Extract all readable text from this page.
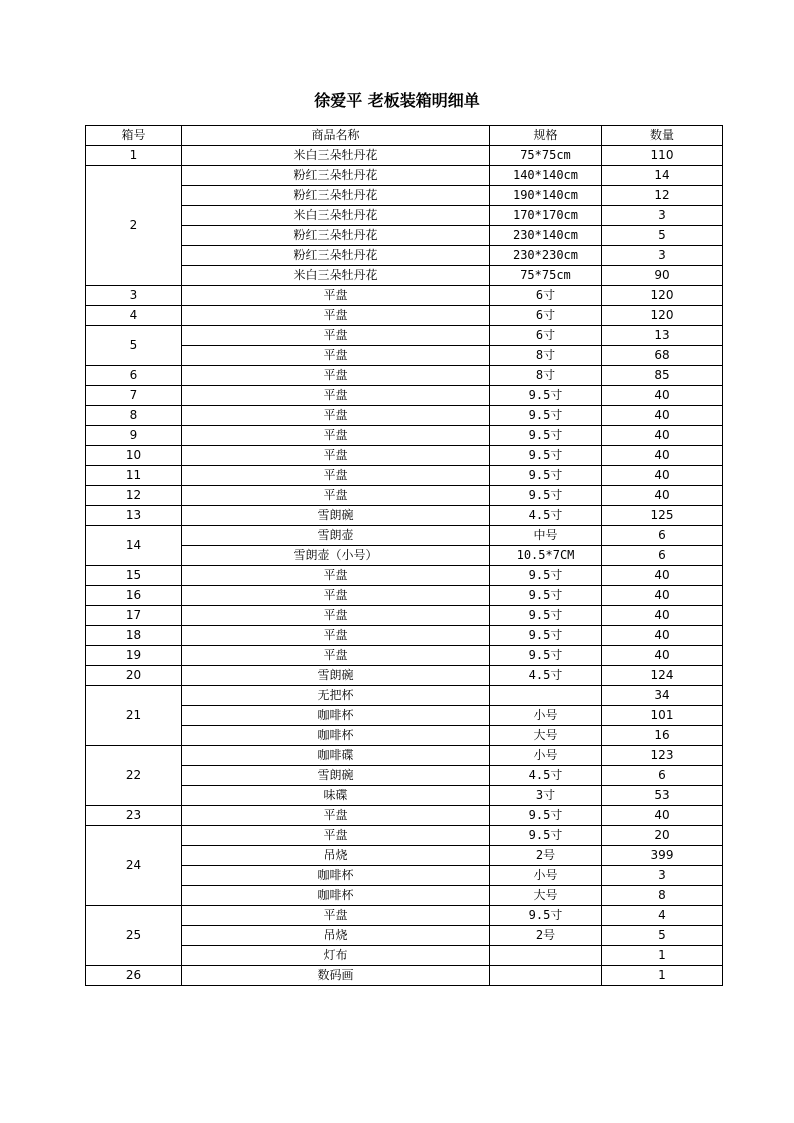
徐爱平 老板装箱明细单
箱号	商品名称	规格	数量
1	米白三朵牡丹花	75*75cm	110
2	粉红三朵牡丹花	140*140cm	14
	粉红三朵牡丹花	190*140cm	12
	米白三朵牡丹花	170*170cm	3
	粉红三朵牡丹花	230*140cm	5
	粉红三朵牡丹花	230*230cm	3
	米白三朵牡丹花	75*75cm	90
3	平盘	6寸	120
4	平盘	6寸	120
5	平盘	6寸	13
	平盘	8寸	68
6	平盘	8寸	85
7	平盘	9.5寸	40
8	平盘	9.5寸	40
9	平盘	9.5寸	40
10	平盘	9.5寸	40
11	平盘	9.5寸	40
12	平盘	9.5寸	40
13	雪朗碗	4.5寸	125
14	雪朗壶	中号	6
	雪朗壶（小号）	10.5*7CM	6
15	平盘	9.5寸	40
16	平盘	9.5寸	40
17	平盘	9.5寸	40
18	平盘	9.5寸	40
19	平盘	9.5寸	40
20	雪朗碗	4.5寸	124
21	无把杯		34
	咖啡杯	小号	101
	咖啡杯	大号	16
22	咖啡碟	小号	123
	雪朗碗	4.5寸	6
	味碟	3寸	53
23	平盘	9.5寸	40
24	平盘	9.5寸	20
	吊烧	2号	399
	咖啡杯	小号	3
	咖啡杯	大号	8
25	平盘	9.5寸	4
	吊烧	2号	5
	灯布		1
26	数码画		1
